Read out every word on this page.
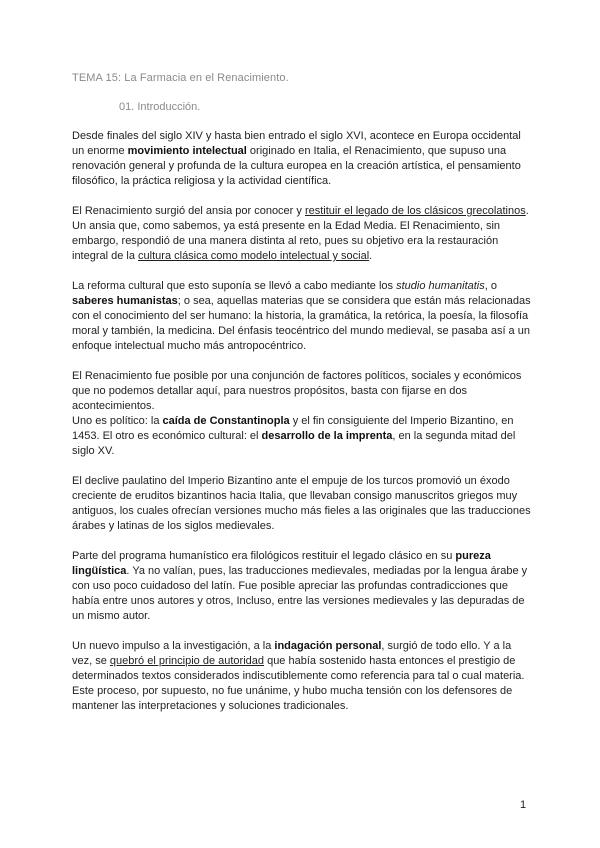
TEMA 15: La Farmacia en el Renacimiento.
01. Introducción.

Desde finales del siglo XIV y hasta bien entrado el siglo XVI, acontece en Europa occidental un enorme movimiento intelectual originado en Italia, el Renacimiento, que supuso una renovación general y profunda de la cultura europea en la creación artística, el pensamiento filosófico, la práctica religiosa y la actividad científica.

El Renacimiento surgió del ansia por conocer y restituir el legado de los clásicos grecolatinos. Un ansia que, como sabemos, ya está presente en la Edad Media. El Renacimiento, sin embargo, respondió de una manera distinta al reto, pues su objetivo era la restauración integral de la cultura clásica como modelo intelectual y social.

La reforma cultural que esto suponía se llevó a cabo mediante los studio humanitatis, o saberes humanistas; o sea, aquellas materias que se considera que están más relacionadas con el conocimiento del ser humano: la historia, la gramática, la retórica, la poesía, la filosofía moral y también, la medicina. Del énfasis teocéntrico del mundo medieval, se pasaba así a un enfoque intelectual mucho más antropocéntrico.

El Renacimiento fue posible por una conjunción de factores políticos, sociales y económicos que no podemos detallar aquí, para nuestros propósitos, basta con fijarse en dos acontecimientos.

Uno es político: la caída de Constantinopla y el fin consiguiente del Imperio Bizantino, en 1453. El otro es económico cultural: el desarrollo de la imprenta, en la segunda mitad del siglo XV.

El declive paulatino del Imperio Bizantino ante el empuje de los turcos promovió un éxodo creciente de eruditos bizantinos hacia Italia, que llevaban consigo manuscritos griegos muy antiguos, los cuales ofrecían versiones mucho más fieles a las originales que las traducciones árabes y latinas de los siglos medievales.

Parte del programa humanístico era filológicos restituir el legado clásico en su pureza lingüística. Ya no valían, pues, las traducciones medievales, mediadas por la lengua árabe y con uso poco cuidadoso del latín. Fue posible apreciar las profundas contradicciones que había entre unos autores y otros, Incluso, entre las versiones medievales y las depuradas de un mismo autor.

Un nuevo impulso a la investigación, a la indagación personal, surgió de todo ello. Y a la vez, se quebró el principio de autoridad que había sostenido hasta entonces el prestigio de determinados textos considerados indiscutiblemente como referencia para tal o cual materia. Este proceso, por supuesto, no fue unánime, y hubo mucha tensión con los defensores de mantener las interpretaciones y soluciones tradicionales.

1
